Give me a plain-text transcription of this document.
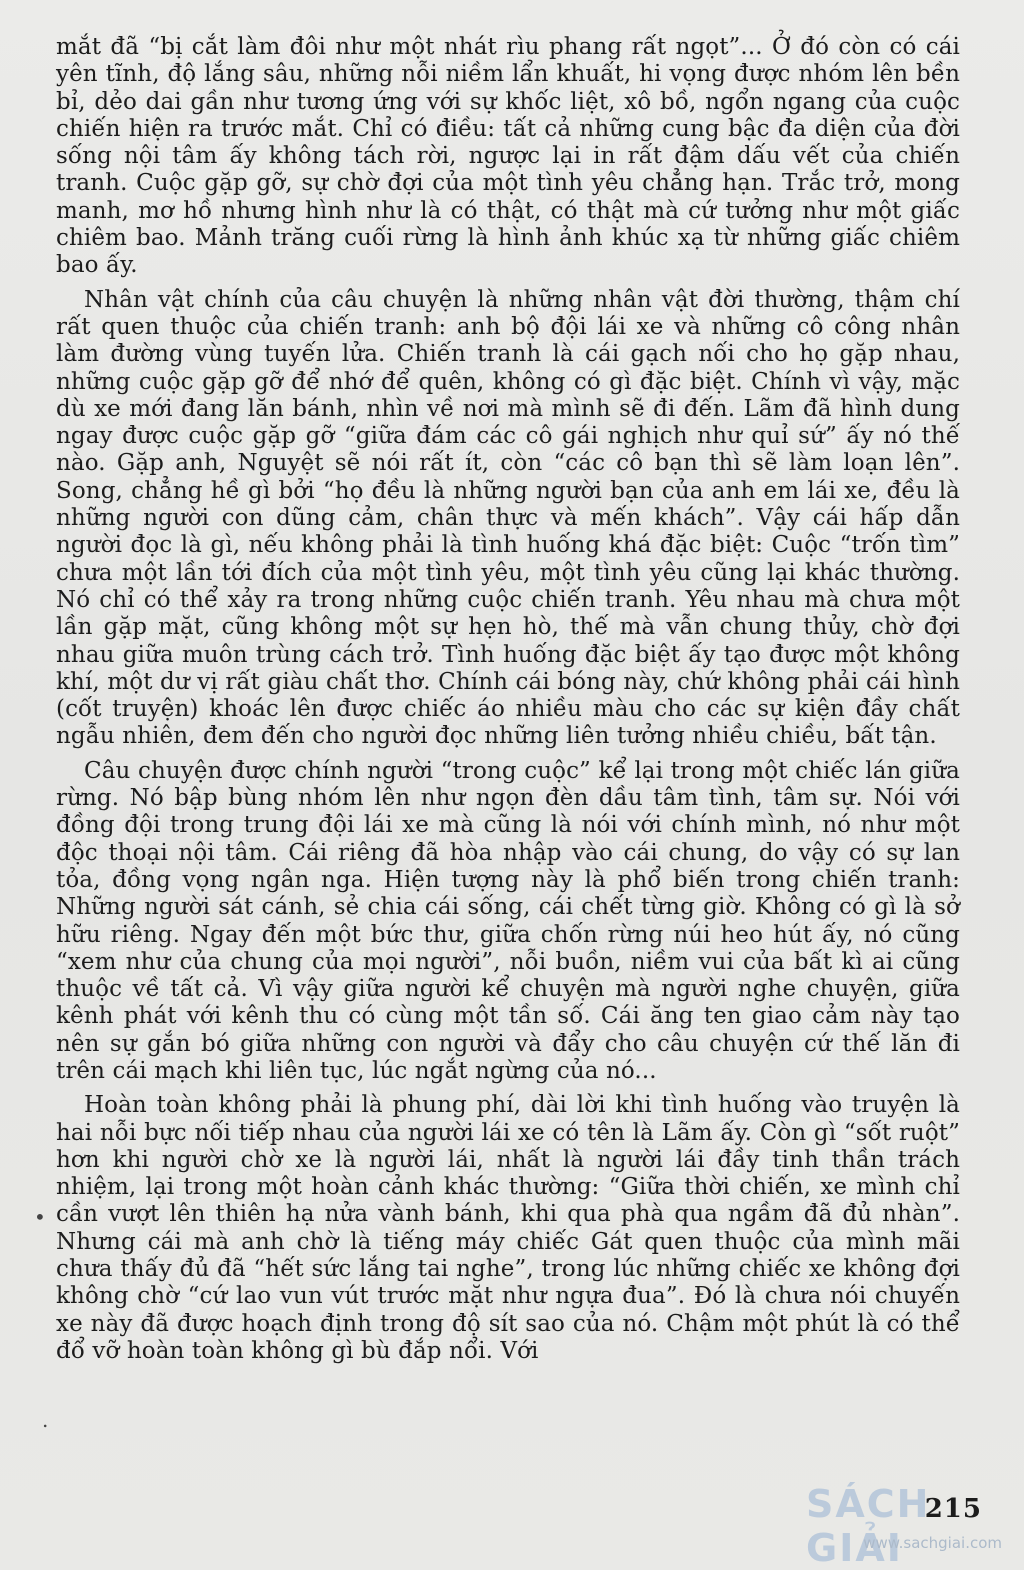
mắt đã “bị cắt làm đôi như một nhát rìu phang rất ngọt”... Ở đó còn có cái yên tĩnh, độ lắng sâu, những nỗi niềm lẩn khuất, hi vọng được nhóm lên bền bỉ, dẻo dai gần như tương ứng với sự khốc liệt, xô bồ, ngổn ngang của cuộc chiến hiện ra trước mắt. Chỉ có điều: tất cả những cung bậc đa diện của đời sống nội tâm ấy không tách rời, ngược lại in rất đậm dấu vết của chiến tranh. Cuộc gặp gỡ, sự chờ đợi của một tình yêu chẳng hạn. Trắc trở, mong manh, mơ hồ nhưng hình như là có thật, có thật mà cứ tưởng như một giấc chiêm bao. Mảnh trăng cuối rừng là hình ảnh khúc xạ từ những giấc chiêm bao ấy.

Nhân vật chính của câu chuyện là những nhân vật đời thường, thậm chí rất quen thuộc của chiến tranh: anh bộ đội lái xe và những cô công nhân làm đường vùng tuyến lửa. Chiến tranh là cái gạch nối cho họ gặp nhau, những cuộc gặp gỡ để nhớ để quên, không có gì đặc biệt. Chính vì vậy, mặc dù xe mới đang lăn bánh, nhìn về nơi mà mình sẽ đi đến. Lãm đã hình dung ngay được cuộc gặp gỡ “giữa đám các cô gái nghịch như quỉ sứ” ấy nó thế nào. Gặp anh, Nguyệt sẽ nói rất ít, còn “các cô bạn thì sẽ làm loạn lên”. Song, chẳng hề gì bởi “họ đều là những người bạn của anh em lái xe, đều là những người con dũng cảm, chân thực và mến khách”. Vậy cái hấp dẫn người đọc là gì, nếu không phải là tình huống khá đặc biệt: Cuộc “trốn tìm” chưa một lần tới đích của một tình yêu, một tình yêu cũng lại khác thường. Nó chỉ có thể xảy ra trong những cuộc chiến tranh. Yêu nhau mà chưa một lần gặp mặt, cũng không một sự hẹn hò, thế mà vẫn chung thủy, chờ đợi nhau giữa muôn trùng cách trở. Tình huống đặc biệt ấy tạo được một không khí, một dư vị rất giàu chất thơ. Chính cái bóng này, chứ không phải cái hình (cốt truyện) khoác lên được chiếc áo nhiều màu cho các sự kiện đầy chất ngẫu nhiên, đem đến cho người đọc những liên tưởng nhiều chiều, bất tận.

Câu chuyện được chính người “trong cuộc” kể lại trong một chiếc lán giữa rừng. Nó bập bùng nhóm lên như ngọn đèn dầu tâm tình, tâm sự. Nói với đồng đội trong trung đội lái xe mà cũng là nói với chính mình, nó như một độc thoại nội tâm. Cái riêng đã hòa nhập vào cái chung, do vậy có sự lan tỏa, đồng vọng ngân nga. Hiện tượng này là phổ biến trong chiến tranh: Những người sát cánh, sẻ chia cái sống, cái chết từng giờ. Không có gì là sở hữu riêng. Ngay đến một bức thư, giữa chốn rừng núi heo hút ấy, nó cũng “xem như của chung của mọi người”, nỗi buồn, niềm vui của bất kì ai cũng thuộc về tất cả. Vì vậy giữa người kể chuyện mà người nghe chuyện, giữa kênh phát với kênh thu có cùng một tần số. Cái ăng ten giao cảm này tạo nên sự gắn bó giữa những con người và đẩy cho câu chuyện cứ thế lăn đi trên cái mạch khi liên tục, lúc ngắt ngừng của nó...

Hoàn toàn không phải là phung phí, dài lời khi tình huống vào truyện là hai nỗi bực nối tiếp nhau của người lái xe có tên là Lãm ấy. Còn gì “sốt ruột” hơn khi người chờ xe là người lái, nhất là người lái đầy tinh thần trách nhiệm, lại trong một hoàn cảnh khác thường: “Giữa thời chiến, xe mình chỉ cần vượt lên thiên hạ nửa vành bánh, khi qua phà qua ngầm đã đủ nhàn”. Nhưng cái mà anh chờ là tiếng máy chiếc Gát quen thuộc của mình mãi chưa thấy đủ đã “hết sức lắng tai nghe”, trong lúc những chiếc xe không đợi không chờ “cứ lao vun vút trước mặt như ngựa đua”. Đó là chưa nói chuyến xe này đã được hoạch định trong độ sít sao của nó. Chậm một phút là có thể đổ vỡ hoàn toàn không gì bù đắp nổi. Với

•
.
215
SÁCH GIẢI
www.sachgiai.com
